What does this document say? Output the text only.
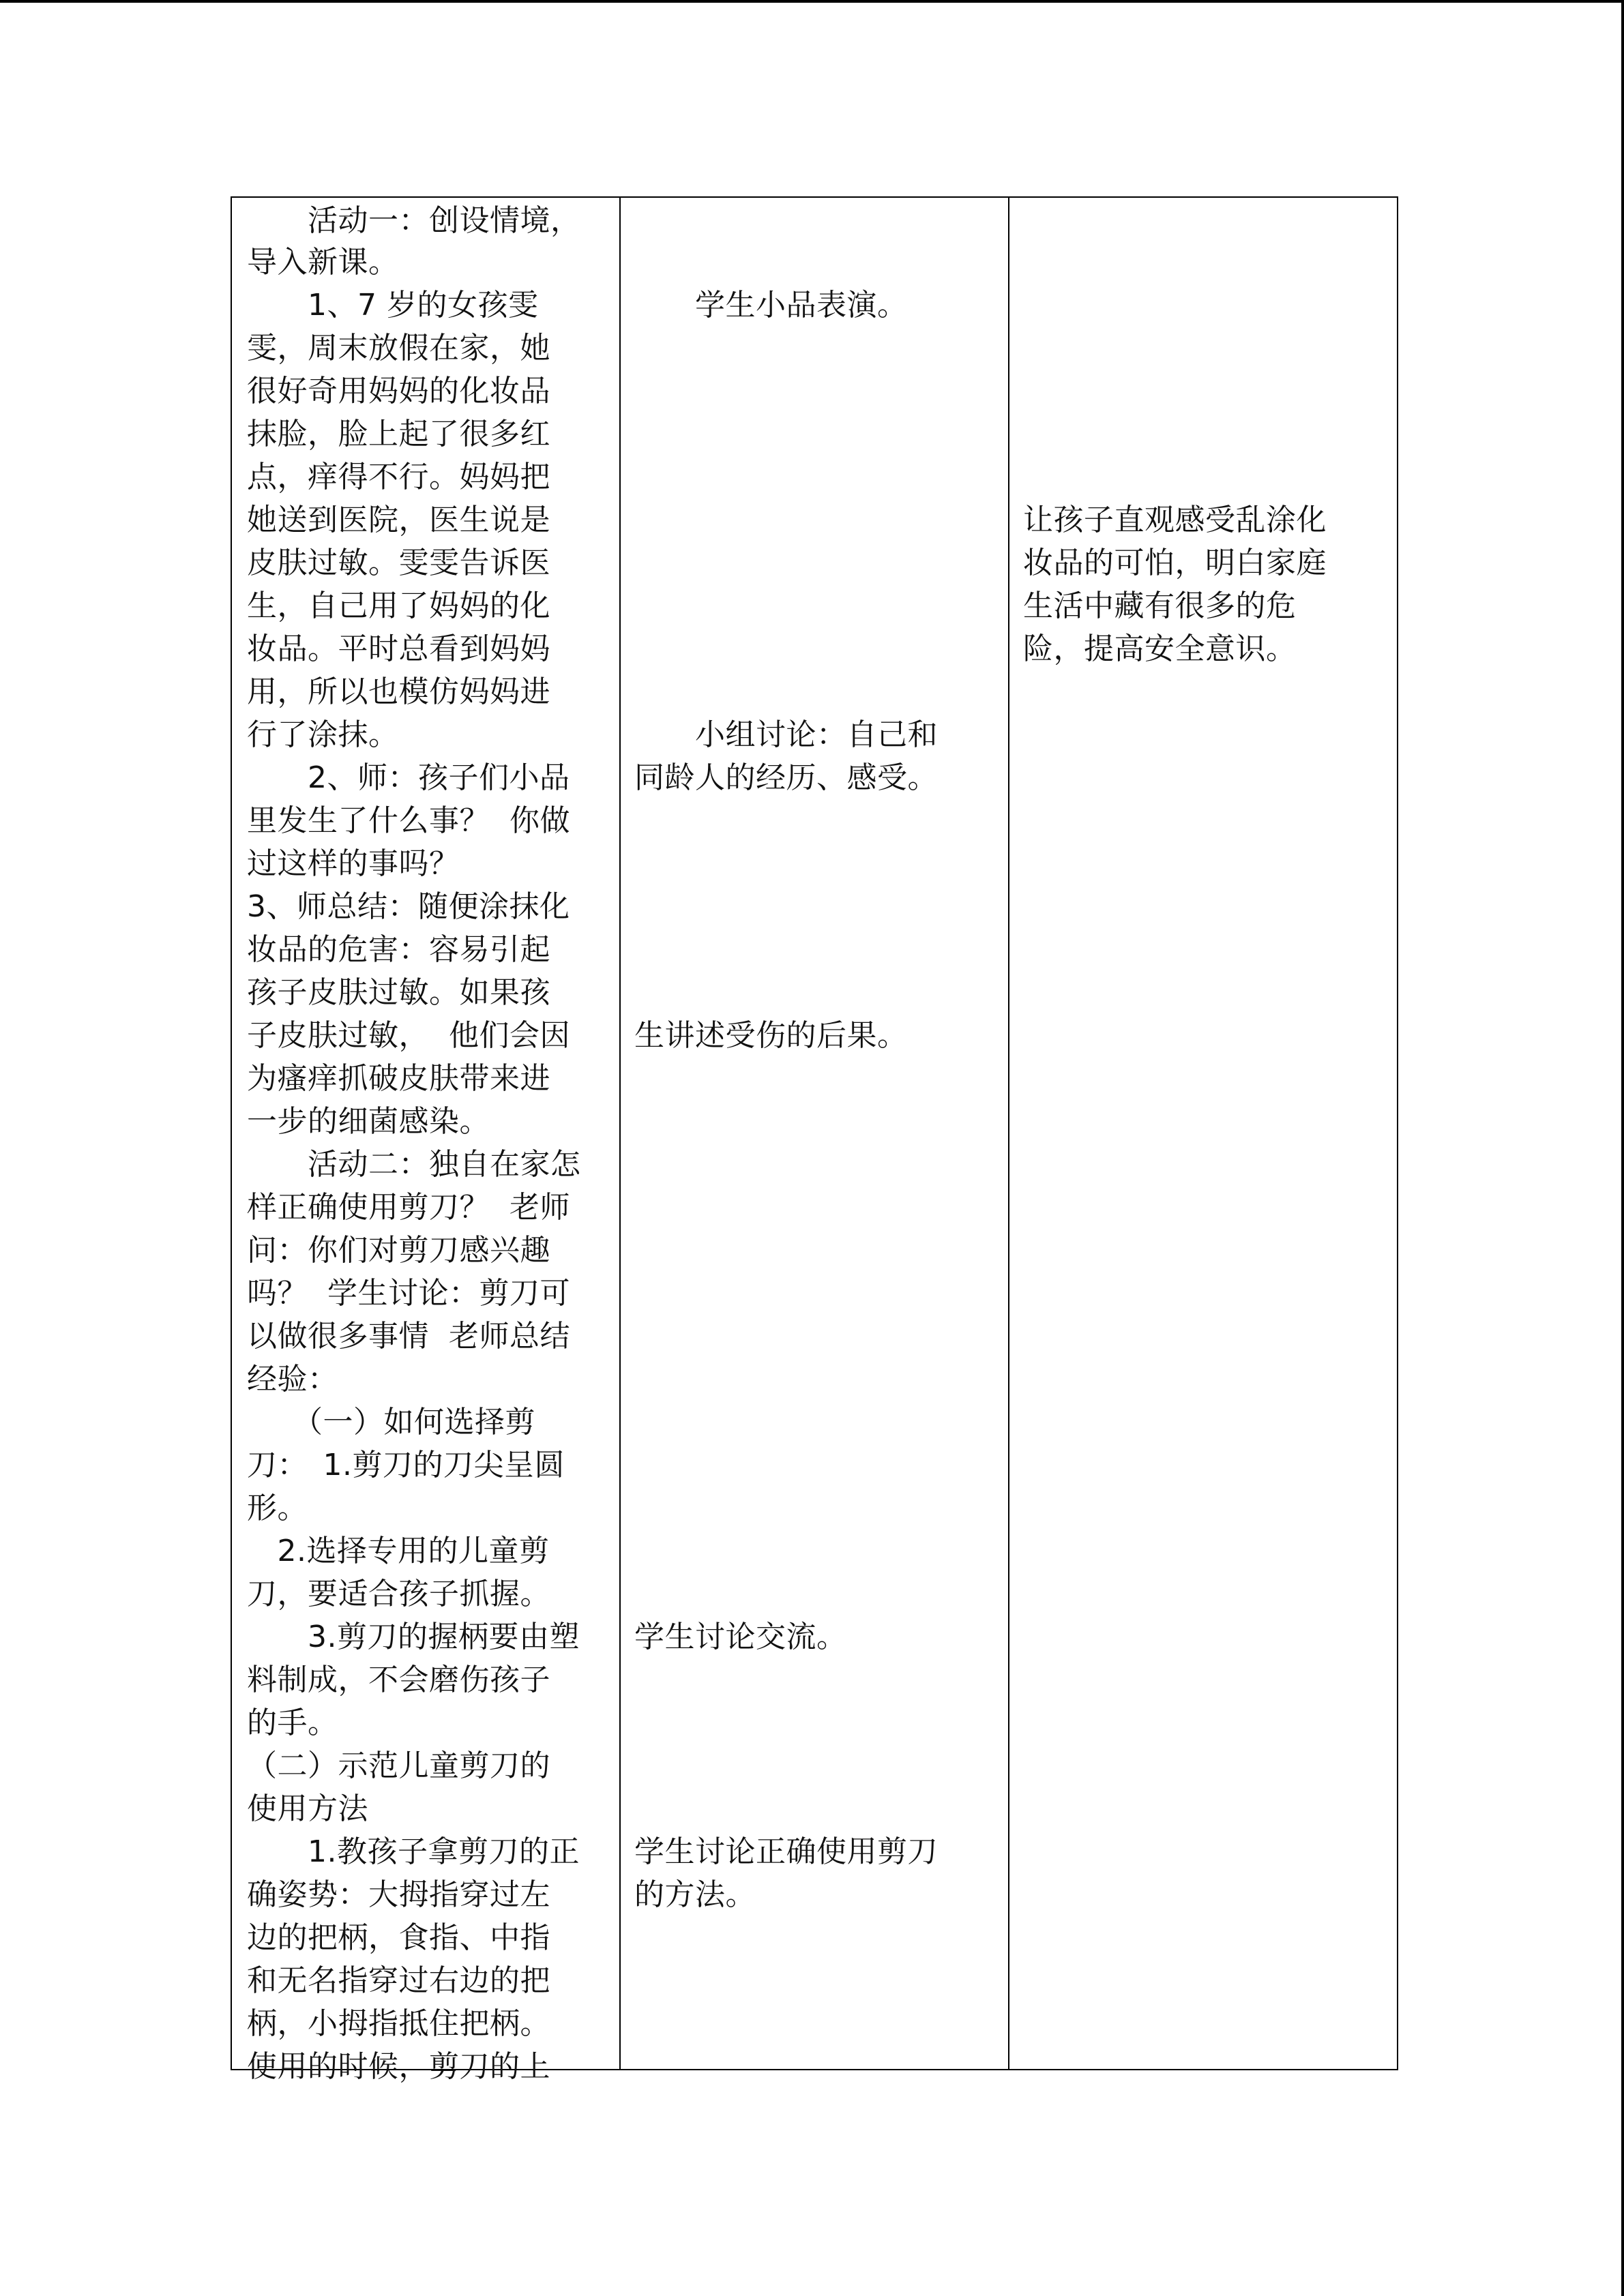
　　活动一：创设情境，
导入新课。
　　1、7 岁的女孩雯
雯，周末放假在家，她
很好奇用妈妈的化妆品
抹脸，脸上起了很多红
点，痒得不行。妈妈把
她送到医院，医生说是
皮肤过敏。雯雯告诉医
生，自己用了妈妈的化
妆品。平时总看到妈妈
用，所以也模仿妈妈进
行了涂抹。
　　2、师：孩子们小品
里发生了什么事？  你做
过这样的事吗？
3、师总结：随便涂抹化
妆品的危害：容易引起
孩子皮肤过敏。如果孩
子皮肤过敏，  他们会因
为瘙痒抓破皮肤带来进
一步的细菌感染。
　　活动二：独自在家怎
样正确使用剪刀？  老师
问：你们对剪刀感兴趣
吗？  学生讨论：剪刀可
以做很多事情  老师总结
经验：
　　（一）如何选择剪
刀：　1.剪刀的刀尖呈圆
形。
　2.选择专用的儿童剪
刀，要适合孩子抓握。
　　3.剪刀的握柄要由塑
料制成，不会磨伤孩子
的手。
（二）示范儿童剪刀的
使用方法
　　1.教孩子拿剪刀的正
确姿势：大拇指穿过左
边的把柄，食指、中指
和无名指穿过右边的把
柄，小拇指抵住把柄。
使用的时候，剪刀的上

　　学生小品表演。
　　小组讨论：自己和
同龄人的经历、感受。
生讲述受伤的后果。
学生讨论交流。
学生讨论正确使用剪刀
的方法。

让孩子直观感受乱涂化
妆品的可怕，明白家庭
生活中藏有很多的危
险，提高安全意识。
